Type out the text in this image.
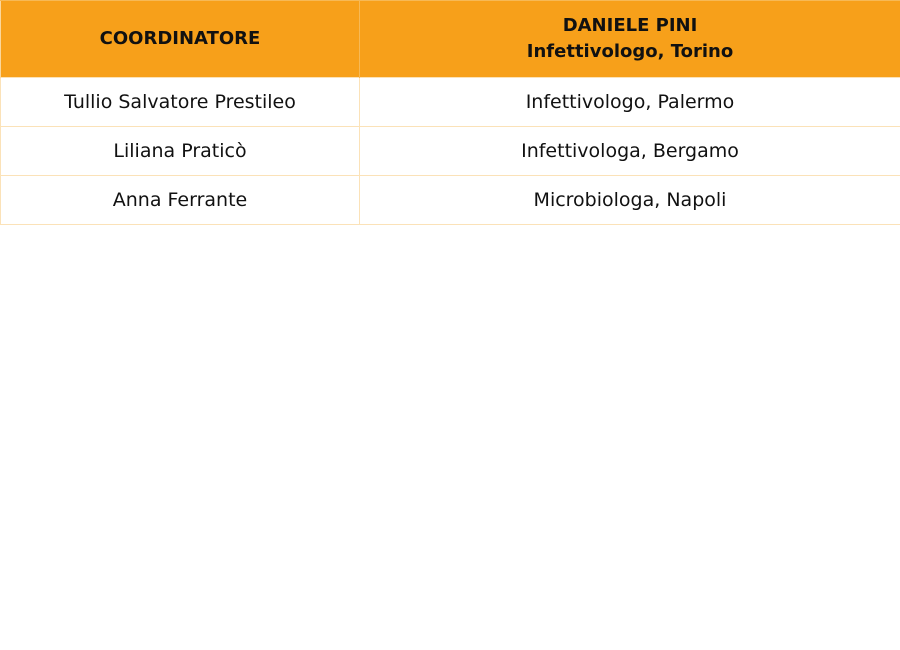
COORDINATORE	DANIELE PINI
Infettivologo, Torino

Tullio Salvatore Prestileo	Infettivologo, Palermo
Liliana Praticò	Infettivologa, Bergamo
Anna Ferrante	Microbiologa, Napoli
